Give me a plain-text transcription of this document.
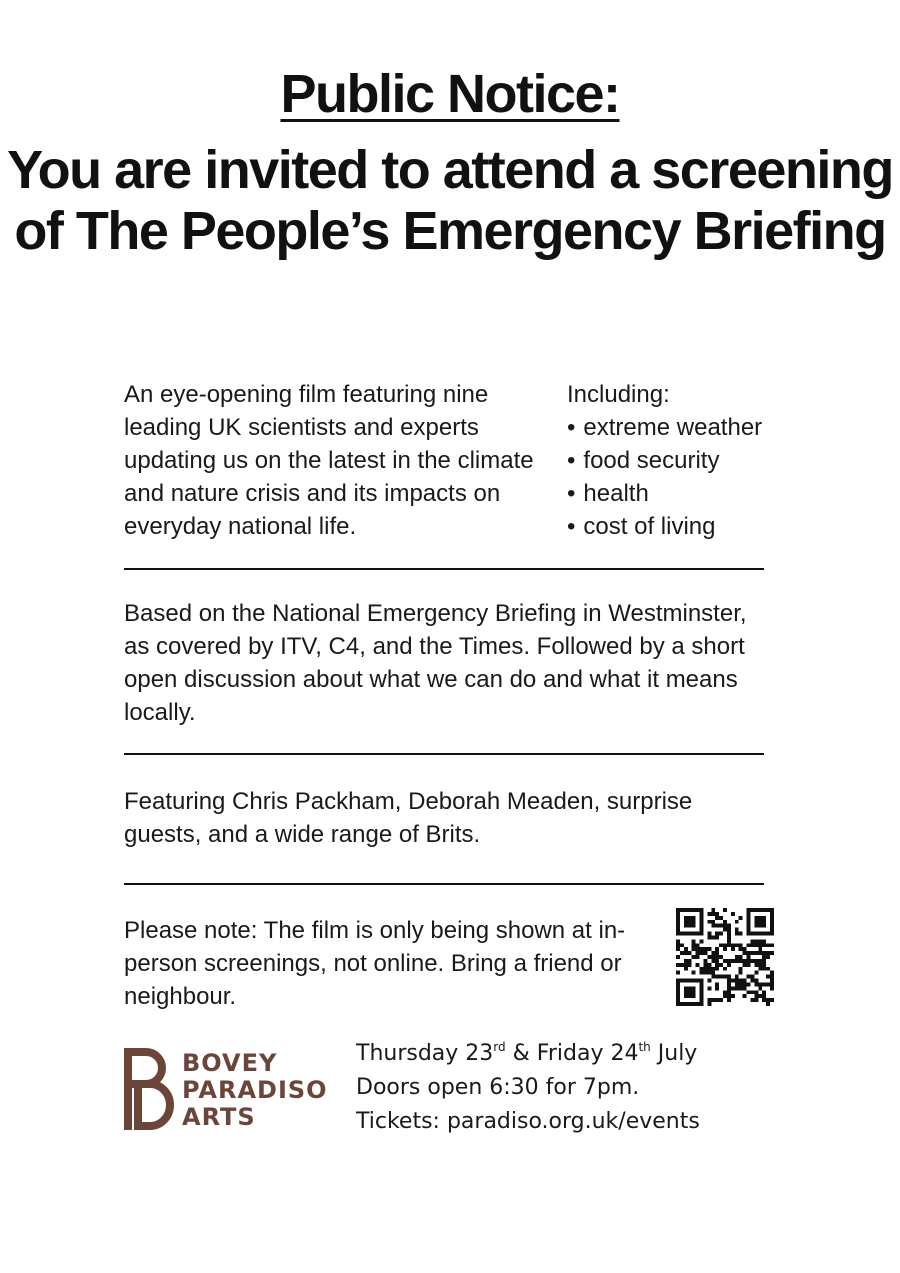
Public Notice:
You are invited to attend a screening of The People’s Emergency Briefing
An eye-opening film featuring nine leading UK scientists and experts updating us on the latest in the climate and nature crisis and its impacts on everyday national life.
Including:
• extreme weather
• food security
• health
• cost of living
Based on the National Emergency Briefing in Westminster, as covered by ITV, C4, and the Times. Followed by a short open discussion about what we can do and what it means locally.
Featuring Chris Packham, Deborah Meaden, surprise guests, and a wide range of Brits.
Please note: The film is only being shown at in-person screenings, not online. Bring a friend or neighbour.
BOVEY
PARADISO
ARTS
Thursday 23rd & Friday 24th July
Doors open 6:30 for 7pm.
Tickets: paradiso.org.uk/events
